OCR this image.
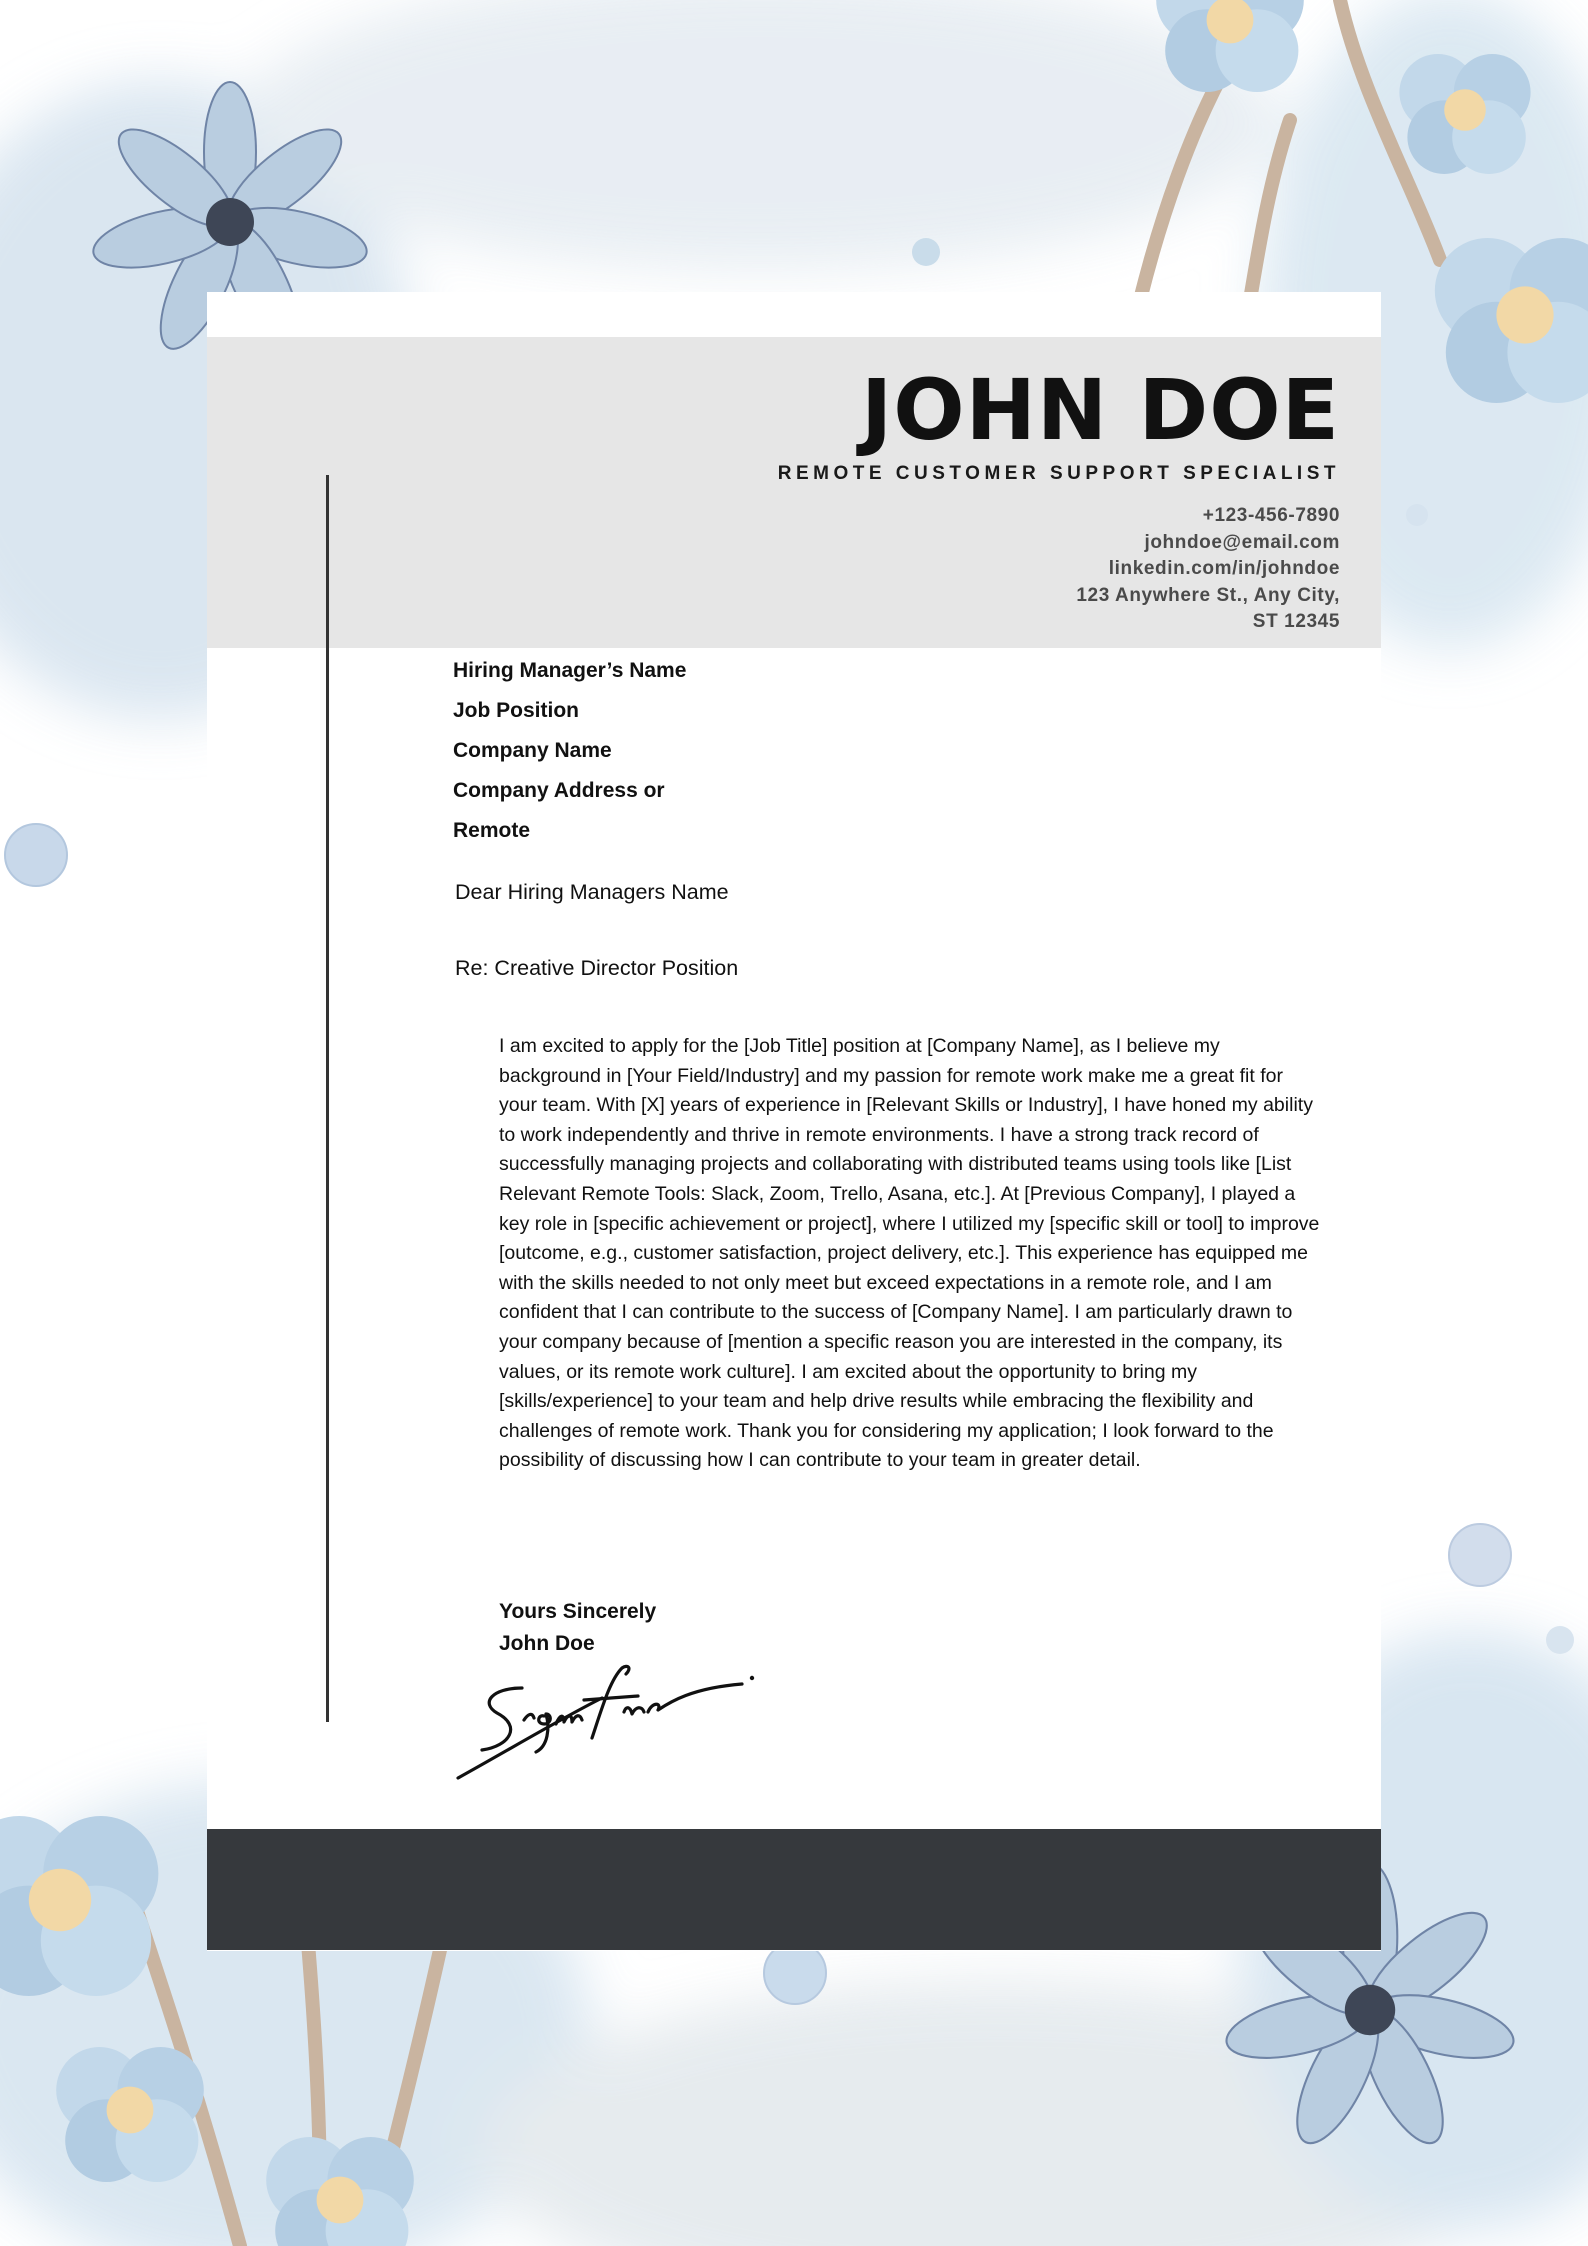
JOHN DOE
REMOTE CUSTOMER SUPPORT SPECIALIST
+123-456-7890
johndoe@email.com
linkedin.com/in/johndoe
123 Anywhere St., Any City,
ST 12345
Hiring Manager’s Name
Job Position
Company Name
Company Address or
Remote
Dear Hiring Managers Name
Re: Creative Director Position

I am excited to apply for the [Job Title] position at [Company Name], as I believe my background in [Your Field/Industry] and my passion for remote work make me a great fit for your team. With [X] years of experience in [Relevant Skills or Industry], I have honed my ability to work independently and thrive in remote environments. I have a strong track record of successfully managing projects and collaborating with distributed teams using tools like [List Relevant Remote Tools: Slack, Zoom, Trello, Asana, etc.]. At [Previous Company], I played a key role in [specific achievement or project], where I utilized my [specific skill or tool] to improve [outcome, e.g., customer satisfaction, project delivery, etc.]. This experience has equipped me with the skills needed to not only meet but exceed expectations in a remote role, and I am confident that I can contribute to the success of [Company Name]. I am particularly drawn to your company because of [mention a specific reason you are interested in the company, its values, or its remote work culture]. I am excited about the opportunity to bring my [skills/experience] to your team and help drive results while embracing the flexibility and challenges of remote work. Thank you for considering my application; I look forward to the possibility of discussing how I can contribute to your team in greater detail.

Yours Sincerely
John Doe
